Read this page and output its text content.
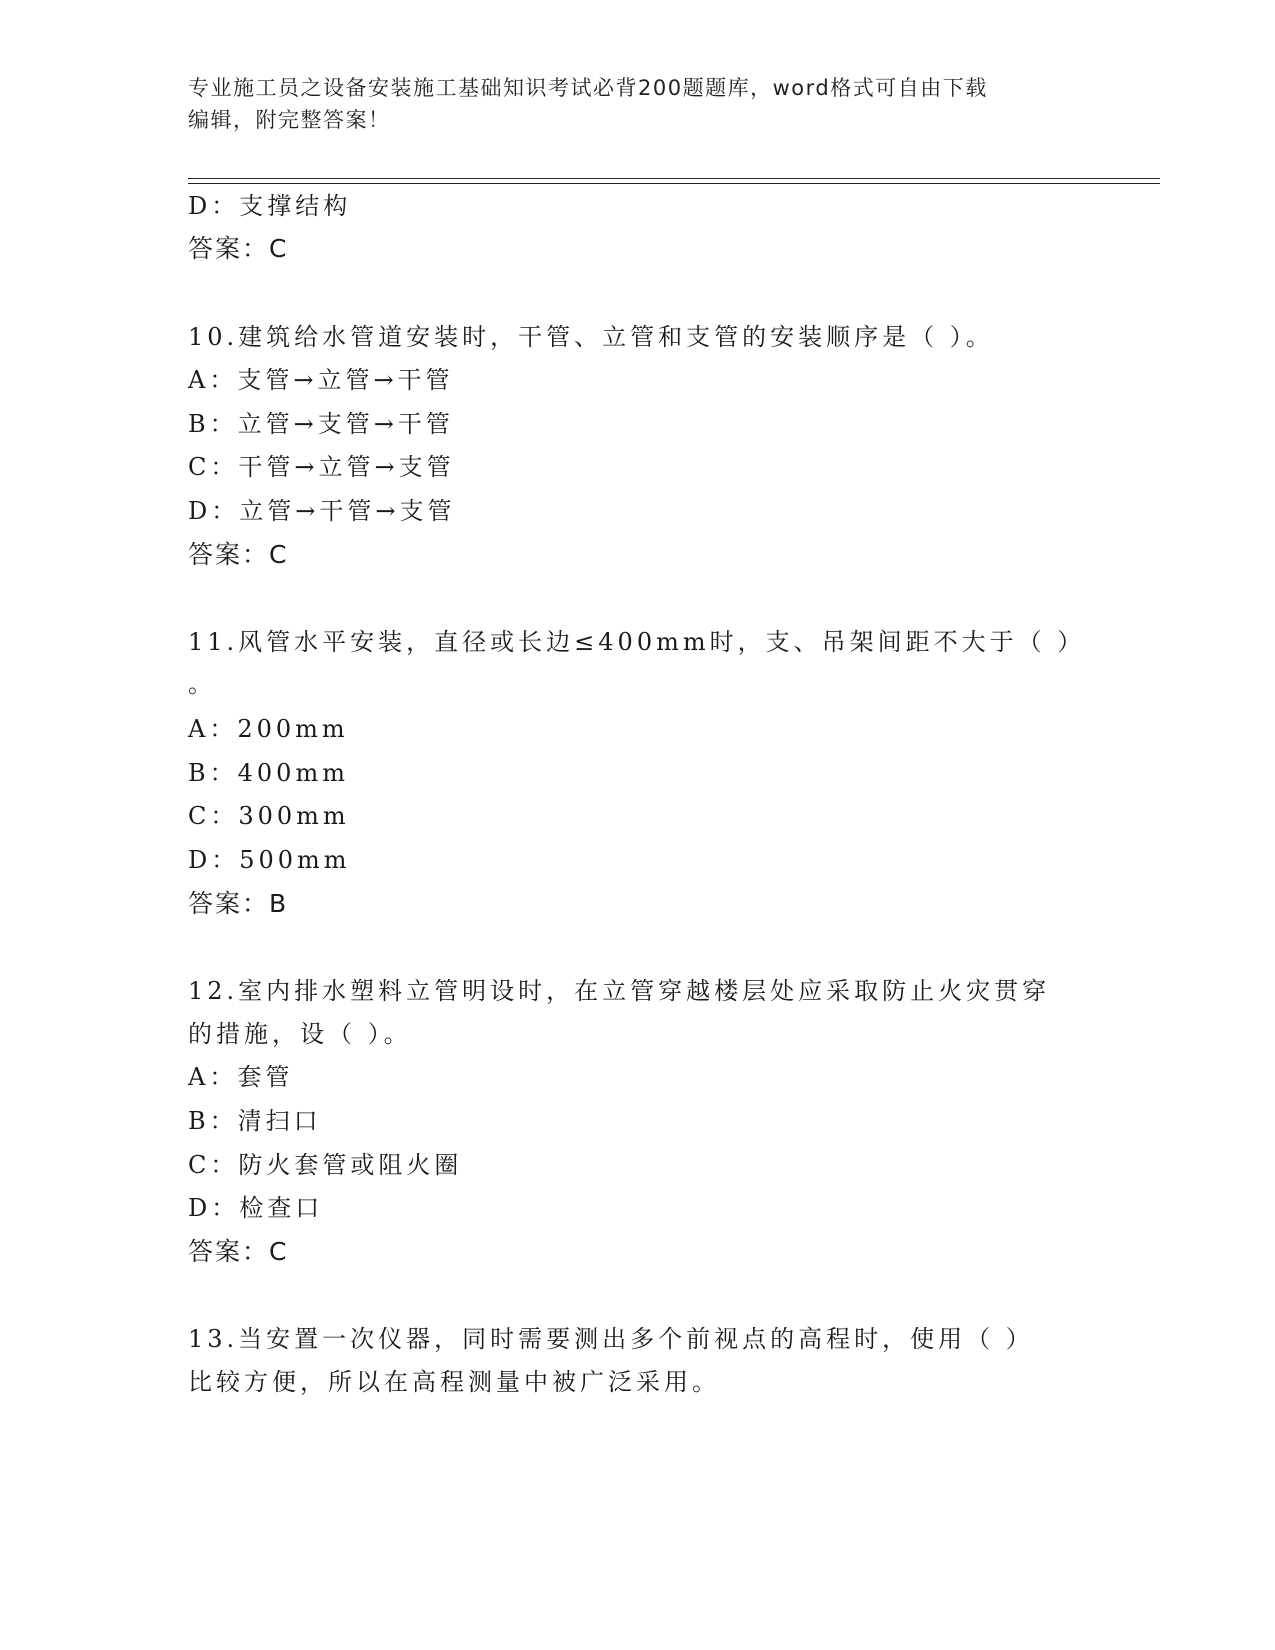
专业施工员之设备安装施工基础知识考试必背200题题库，word格式可自由下载
编辑，附完整答案！
D：支撑结构
答案：C
10.建筑给水管道安装时，干管、立管和支管的安装顺序是（ ）。
A：支管→立管→干管
B：立管→支管→干管
C：干管→立管→支管
D：立管→干管→支管
答案：C
11.风管水平安装，直径或长边≤400mm时，支、吊架间距不大于（ ）
。
A：200mm
B：400mm
C：300mm
D：500mm
答案：B
12.室内排水塑料立管明设时，在立管穿越楼层处应采取防止火灾贯穿
的措施，设（ ）。
A：套管
B：清扫口
C：防火套管或阻火圈
D：检查口
答案：C
13.当安置一次仪器，同时需要测出多个前视点的高程时，使用（ ）
比较方便，所以在高程测量中被广泛采用。
